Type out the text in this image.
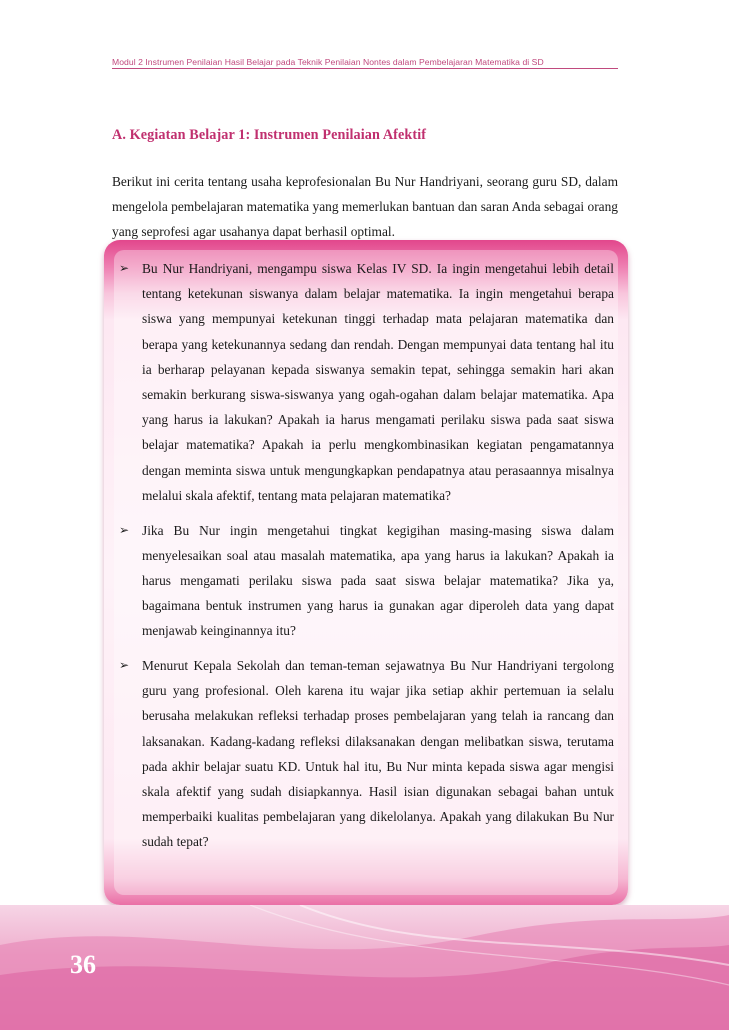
Modul 2 Instrumen Penilaian Hasil Belajar pada Teknik Penilaian Nontes dalam Pembelajaran Matematika di SD
A. Kegiatan Belajar 1: Instrumen Penilaian Afektif
Berikut ini cerita tentang usaha keprofesionalan Bu Nur Handriyani, seorang guru SD, dalam mengelola pembelajaran matematika yang memerlukan bantuan dan saran Anda sebagai orang yang seprofesi agar usahanya dapat berhasil optimal.
➢ Bu Nur Handriyani, mengampu siswa Kelas IV SD. Ia ingin mengetahui lebih detail tentang ketekunan siswanya dalam belajar matematika. Ia ingin mengetahui berapa siswa yang mempunyai ketekunan tinggi terhadap mata pelajaran matematika dan berapa yang ketekunannya sedang dan rendah. Dengan mempunyai data tentang hal itu ia berharap pelayanan kepada siswanya semakin tepat, sehingga semakin hari akan semakin berkurang siswa-siswanya yang ogah-ogahan dalam belajar matematika. Apa yang harus ia lakukan? Apakah ia harus mengamati perilaku siswa pada saat siswa belajar matematika? Apakah ia perlu mengkombinasikan kegiatan pengamatannya dengan meminta siswa untuk mengungkapkan pendapatnya atau perasaannya misalnya melalui skala afektif, tentang mata pelajaran matematika?
➢ Jika Bu Nur ingin mengetahui tingkat kegigihan masing-masing siswa dalam menyelesaikan soal atau masalah matematika, apa yang harus ia lakukan? Apakah ia harus mengamati perilaku siswa pada saat siswa belajar matematika? Jika ya, bagaimana bentuk instrumen yang harus ia gunakan agar diperoleh data yang dapat menjawab keinginannya itu?
➢ Menurut Kepala Sekolah dan teman-teman sejawatnya Bu Nur Handriyani tergolong guru yang profesional. Oleh karena itu wajar jika setiap akhir pertemuan ia selalu berusaha melakukan refleksi terhadap proses pembelajaran yang telah ia rancang dan laksanakan. Kadang-kadang refleksi dilaksanakan dengan melibatkan siswa, terutama pada akhir belajar suatu KD. Untuk hal itu, Bu Nur minta kepada siswa agar mengisi skala afektif yang sudah disiapkannya. Hasil isian digunakan sebagai bahan untuk memperbaiki kualitas pembelajaran yang dikelolanya. Apakah yang dilakukan Bu Nur sudah tepat?
36
